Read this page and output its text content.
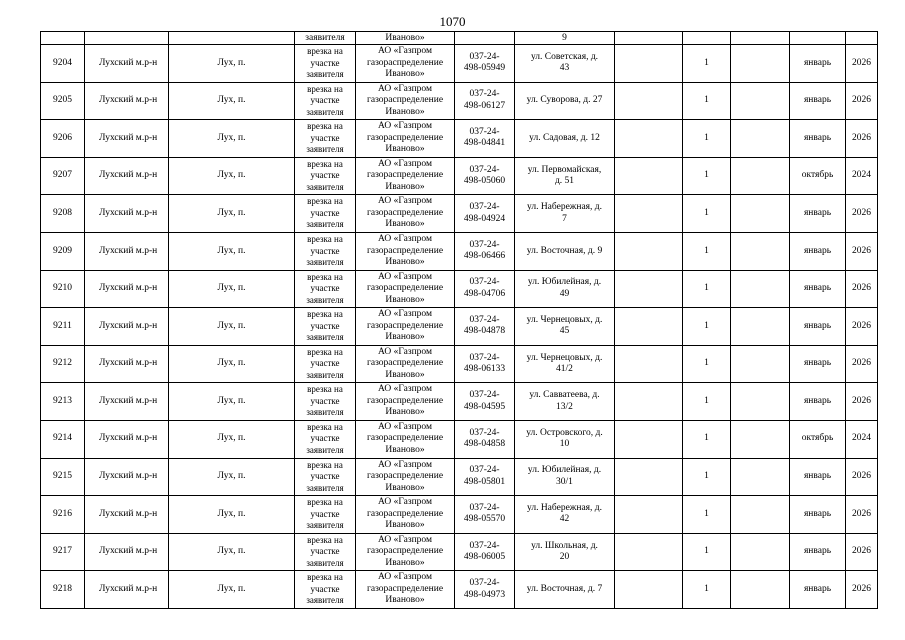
1070
			заявителя	Иваново»		9					
9204	Лухский м.р-н	Лух, п.	врезка на
участке
заявителя	АО «Газпром
газораспределение
Иваново»	037-24-
498-05949	ул. Советская, д.
43		1		январь	2026
9205	Лухский м.р-н	Лух, п.	врезка на
участке
заявителя	АО «Газпром
газораспределение
Иваново»	037-24-
498-06127	ул. Суворова, д. 27		1		январь	2026
9206	Лухский м.р-н	Лух, п.	врезка на
участке
заявителя	АО «Газпром
газораспределение
Иваново»	037-24-
498-04841	ул. Садовая, д. 12		1		январь	2026
9207	Лухский м.р-н	Лух, п.	врезка на
участке
заявителя	АО «Газпром
газораспределение
Иваново»	037-24-
498-05060	ул. Первомайская,
д. 51		1		октябрь	2024
9208	Лухский м.р-н	Лух, п.	врезка на
участке
заявителя	АО «Газпром
газораспределение
Иваново»	037-24-
498-04924	ул. Набережная, д.
7		1		январь	2026
9209	Лухский м.р-н	Лух, п.	врезка на
участке
заявителя	АО «Газпром
газораспределение
Иваново»	037-24-
498-06466	ул. Восточная, д. 9		1		январь	2026
9210	Лухский м.р-н	Лух, п.	врезка на
участке
заявителя	АО «Газпром
газораспределение
Иваново»	037-24-
498-04706	ул. Юбилейная, д.
49		1		январь	2026
9211	Лухский м.р-н	Лух, п.	врезка на
участке
заявителя	АО «Газпром
газораспределение
Иваново»	037-24-
498-04878	ул. Чернецовых, д.
45		1		январь	2026
9212	Лухский м.р-н	Лух, п.	врезка на
участке
заявителя	АО «Газпром
газораспределение
Иваново»	037-24-
498-06133	ул. Чернецовых, д.
41/2		1		январь	2026
9213	Лухский м.р-н	Лух, п.	врезка на
участке
заявителя	АО «Газпром
газораспределение
Иваново»	037-24-
498-04595	ул. Савватеева, д.
13/2		1		январь	2026
9214	Лухский м.р-н	Лух, п.	врезка на
участке
заявителя	АО «Газпром
газораспределение
Иваново»	037-24-
498-04858	ул. Островского, д.
10		1		октябрь	2024
9215	Лухский м.р-н	Лух, п.	врезка на
участке
заявителя	АО «Газпром
газораспределение
Иваново»	037-24-
498-05801	ул. Юбилейная, д.
30/1		1		январь	2026
9216	Лухский м.р-н	Лух, п.	врезка на
участке
заявителя	АО «Газпром
газораспределение
Иваново»	037-24-
498-05570	ул. Набережная, д.
42		1		январь	2026
9217	Лухский м.р-н	Лух, п.	врезка на
участке
заявителя	АО «Газпром
газораспределение
Иваново»	037-24-
498-06005	ул. Школьная, д.
20		1		январь	2026
9218	Лухский м.р-н	Лух, п.	врезка на
участке
заявителя	АО «Газпром
газораспределение
Иваново»	037-24-
498-04973	ул. Восточная, д. 7		1		январь	2026
